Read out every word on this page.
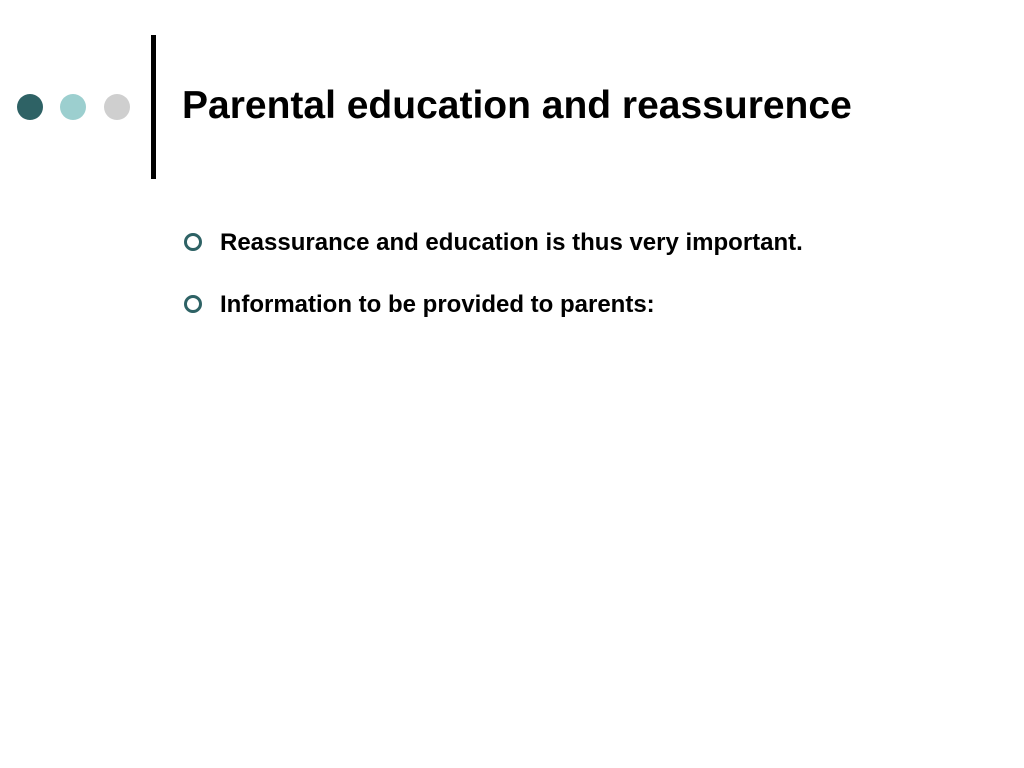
Parental education and reassurence
Reassurance and education is thus very important.
Information to be provided to parents:
